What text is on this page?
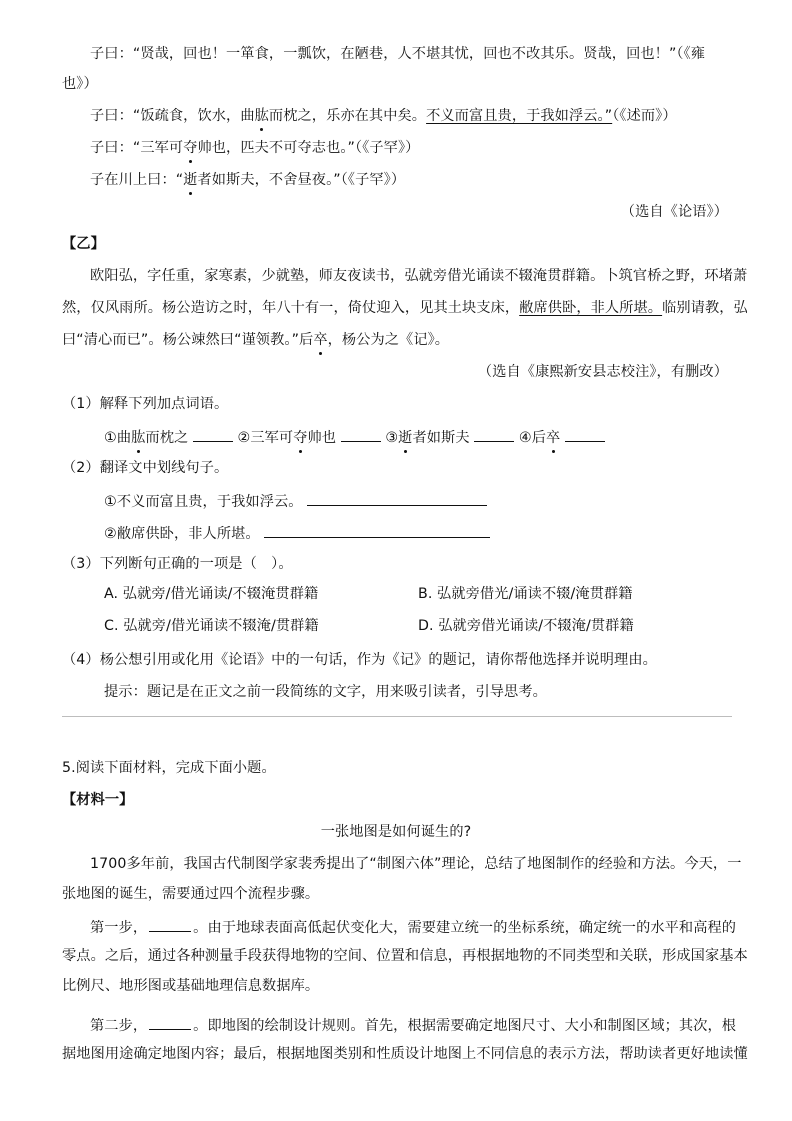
子曰：“贤哉，回也！一箪食，一瓢饮，在陋巷，人不堪其忧，回也不改其乐。贤哉，回也！”（《雍
也》）
子曰：“饭疏食，饮水，曲肱而枕之，乐亦在其中矣。不义而富且贵，于我如浮云。”（《述而》）
子曰：“三军可夺帅也，匹夫不可夺志也。”（《子罕》）
子在川上曰：“逝者如斯夫，不舍昼夜。”（《子罕》）
（选自《论语》）
【乙】
欧阳弘，字任重，家寒素，少就塾，师友夜读书，弘就旁借光诵读不辍淹贯群籍。卜筑官桥之野，环堵萧
然，仅风雨所。杨公造访之时，年八十有一，倚仗迎入，见其土块支床，敝席供卧，非人所堪。临别请教，弘
曰“清心而已”。杨公竦然曰“谨领教。”后卒，杨公为之《记》。
（选自《康熙新安县志校注》，有删改）
（1）解释下列加点词语。
①曲肱而枕之	②三军可夺帅也	③逝者如斯夫	④后卒
（2）翻译文中划线句子。
①不义而富且贵，于我如浮云。
②敝席供卧，非人所堪。
（3）下列断句正确的一项是（　）。
A. 弘就旁/借光诵读/不辍淹贯群籍	B. 弘就旁借光/诵读不辍/淹贯群籍
C. 弘就旁/借光诵读不辍淹/贯群籍	D. 弘就旁借光诵读/不辍淹/贯群籍
（4）杨公想引用或化用《论语》中的一句话，作为《记》的题记，请你帮他选择并说明理由。
提示：题记是在正文之前一段简练的文字，用来吸引读者，引导思考。
5.阅读下面材料，完成下面小题。
【材料一】
一张地图是如何诞生的?
1700多年前，我国古代制图学家裴秀提出了“制图六体”理论，总结了地图制作的经验和方法。今天，一
张地图的诞生，需要通过四个流程步骤。
第一步，	。由于地球表面高低起伏变化大，需要建立统一的坐标系统，确定统一的水平和高程的
零点。之后，通过各种测量手段获得地物的空间、位置和信息，再根据地物的不同类型和关联，形成国家基本
比例尺、地形图或基础地理信息数据库。
第二步，	。即地图的绘制设计规则。首先，根据需要确定地图尺寸、大小和制图区域；其次，根
据地图用途确定地图内容；最后，根据地图类别和性质设计地图上不同信息的表示方法，帮助读者更好地读懂
